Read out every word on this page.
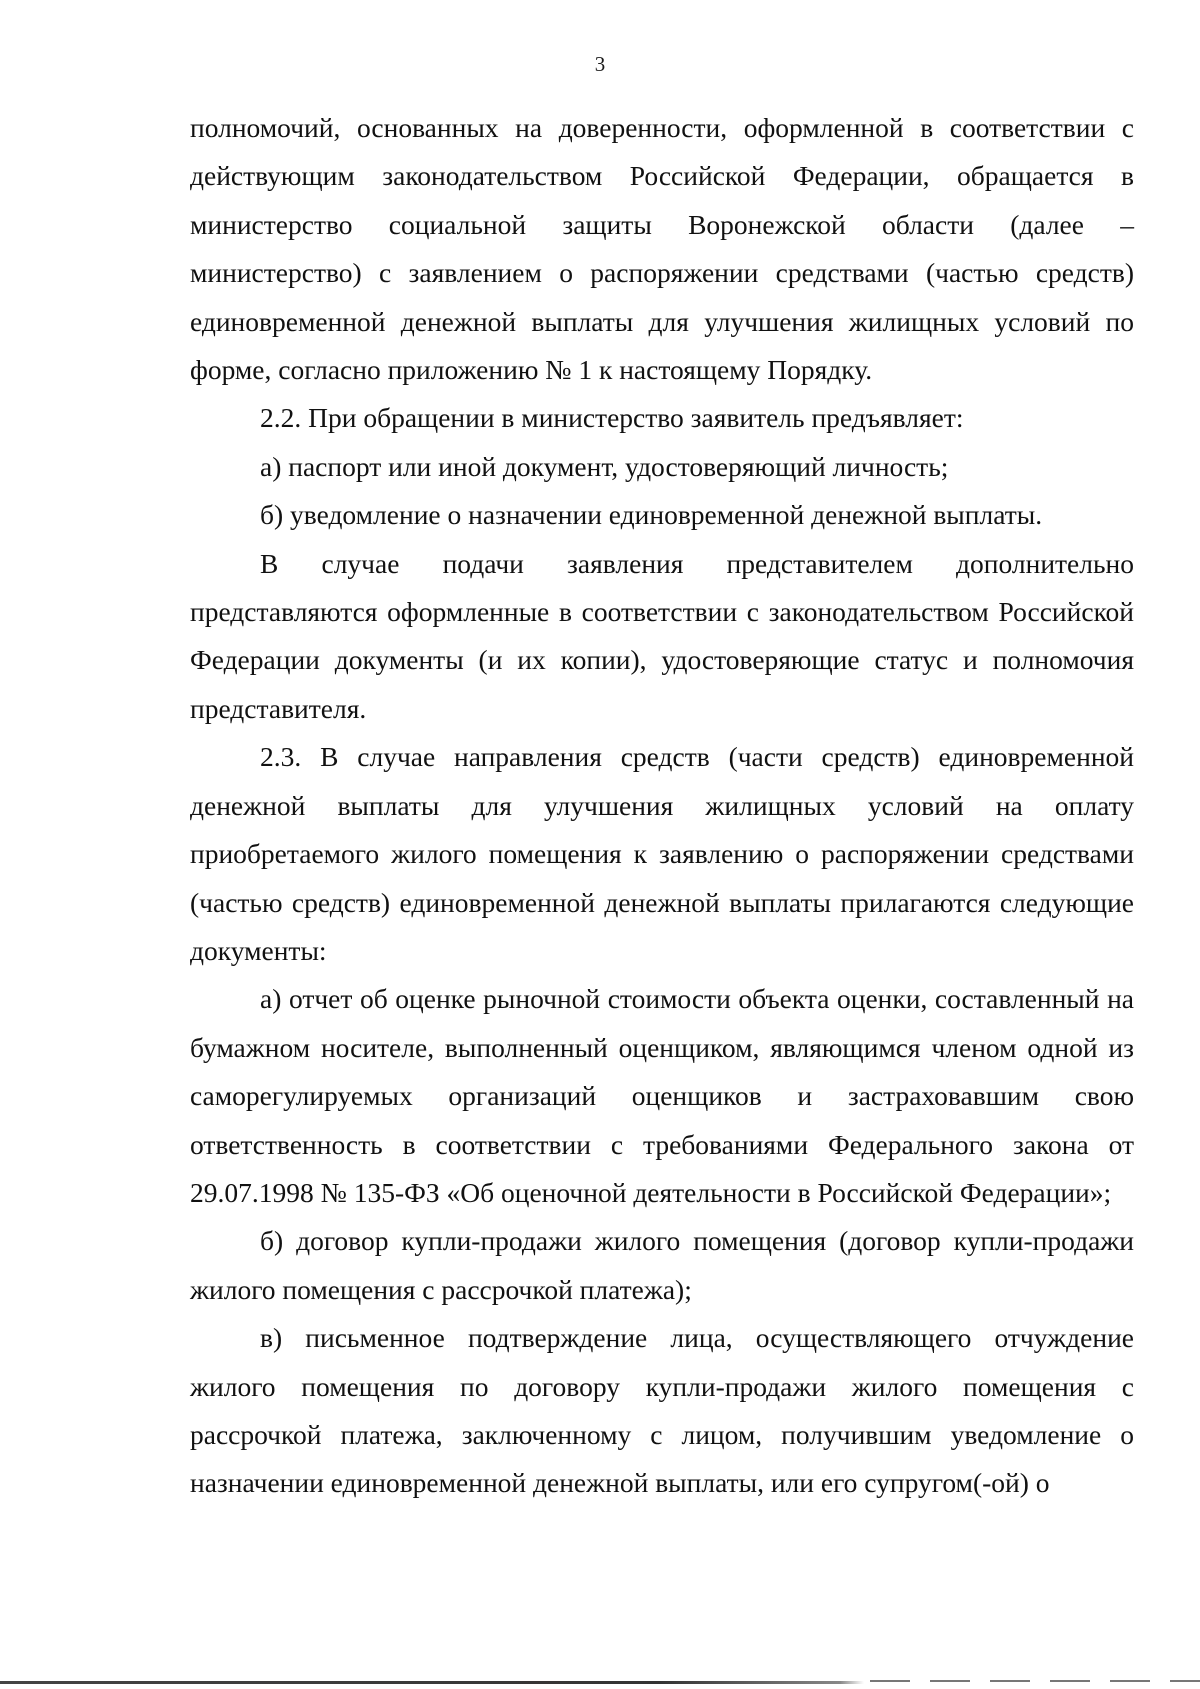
3

полномочий, основанных на доверенности, оформленной в соответствии с действующим законодательством Российской Федерации, обращается в министерство социальной защиты Воронежской области (далее – министерство) с заявлением о распоряжении средствами (частью средств) единовременной денежной выплаты для улучшения жилищных условий по форме, согласно приложению № 1 к настоящему Порядку.

2.2. При обращении в министерство заявитель предъявляет:

а) паспорт или иной документ, удостоверяющий личность;

б) уведомление о назначении единовременной денежной выплаты.

В случае подачи заявления представителем дополнительно представляются оформленные в соответствии с законодательством Российской Федерации документы (и их копии), удостоверяющие статус и полномочия представителя.

2.3. В случае направления средств (части средств) единовременной денежной выплаты для улучшения жилищных условий на оплату приобретаемого жилого помещения к заявлению о распоряжении средствами (частью средств) единовременной денежной выплаты прилагаются следующие документы:

а) отчет об оценке рыночной стоимости объекта оценки, составленный на бумажном носителе, выполненный оценщиком, являющимся членом одной из саморегулируемых организаций оценщиков и застраховавшим свою ответственность в соответствии с требованиями Федерального закона от 29.07.1998 № 135-ФЗ «Об оценочной деятельности в Российской Федерации»;

б) договор купли-продажи жилого помещения (договор купли-продажи жилого помещения с рассрочкой платежа);

в) письменное подтверждение лица, осуществляющего отчуждение жилого помещения по договору купли-продажи жилого помещения с рассрочкой платежа, заключенному с лицом, получившим уведомление о назначении единовременной денежной выплаты, или его супругом(-ой) о
